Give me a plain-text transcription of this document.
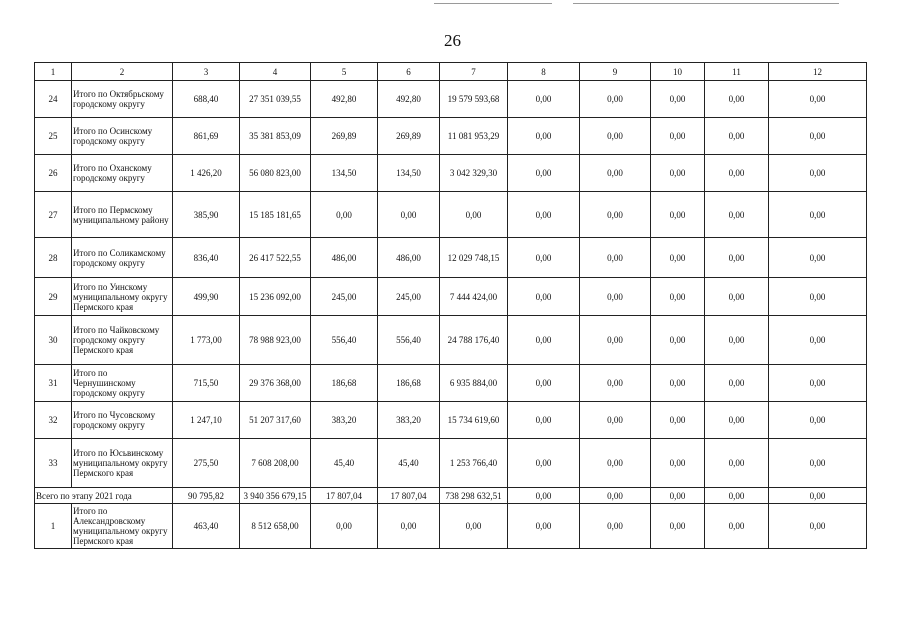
26
1	2	3	4	5	6	7	8	9	10	11	12
24	Итого по Октябрьскому городскому округу	688,40	27 351 039,55	492,80	492,80	19 579 593,68	0,00	0,00	0,00	0,00	0,00
25	Итого по Осинскому городскому округу	861,69	35 381 853,09	269,89	269,89	11 081 953,29	0,00	0,00	0,00	0,00	0,00
26	Итого по Оханскому городскому округу	1 426,20	56 080 823,00	134,50	134,50	3 042 329,30	0,00	0,00	0,00	0,00	0,00
27	Итого по Пермскому муниципальному району	385,90	15 185 181,65	0,00	0,00	0,00	0,00	0,00	0,00	0,00	0,00
28	Итого по Соликамскому городскому округу	836,40	26 417 522,55	486,00	486,00	12 029 748,15	0,00	0,00	0,00	0,00	0,00
29	Итого по Уинскому муниципальному округу Пермского края	499,90	15 236 092,00	245,00	245,00	7 444 424,00	0,00	0,00	0,00	0,00	0,00
30	Итого по Чайковскому городскому округу Пермского края	1 773,00	78 988 923,00	556,40	556,40	24 788 176,40	0,00	0,00	0,00	0,00	0,00
31	Итого по Чернушинскому городскому округу	715,50	29 376 368,00	186,68	186,68	6 935 884,00	0,00	0,00	0,00	0,00	0,00
32	Итого по Чусовскому городскому округу	1 247,10	51 207 317,60	383,20	383,20	15 734 619,60	0,00	0,00	0,00	0,00	0,00
33	Итого по Юсьвинскому муниципальному округу Пермского края	275,50	7 608 208,00	45,40	45,40	1 253 766,40	0,00	0,00	0,00	0,00	0,00
Всего по этапу 2021 года		90 795,82	3 940 356 679,15	17 807,04	17 807,04	738 298 632,51	0,00	0,00	0,00	0,00	0,00
1	Итого по Александровскому муниципальному округу Пермского края	463,40	8 512 658,00	0,00	0,00	0,00	0,00	0,00	0,00	0,00	0,00
